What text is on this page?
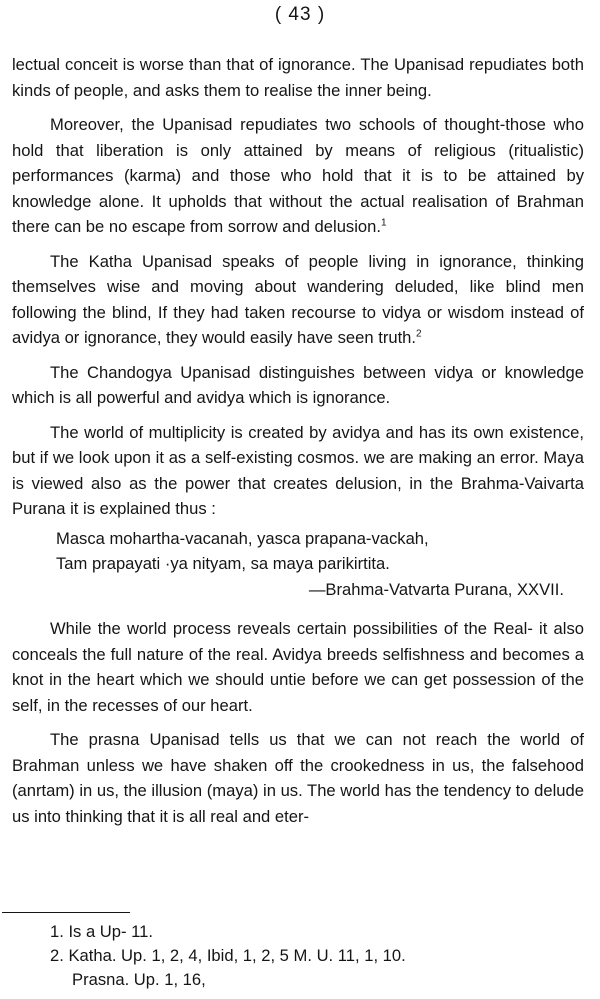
( 43 )

lectual conceit is worse than that of ignorance. The Upanisad repudiates both kinds of people, and asks them to realise the inner being.

Moreover, the Upanisad repudiates two schools of thought-those who hold that liberation is only attained by means of religious (ritualistic) performances (karma) and those who hold that it is to be attained by knowledge alone. It upholds that without the actual realisation of Brahman there can be no escape from sorrow and delusion.$^1$

The Katha Upanisad speaks of people living in ignorance, thinking themselves wise and moving about wandering deluded, like blind men following the blind, If they had taken recourse to vidya or wisdom instead of avidya or ignorance, they would easily have seen truth.$^2$

The Chandogya Upanisad distinguishes between vidya or knowledge which is all powerful and avidya which is ignorance.

The world of multiplicity is created by avidya and has its own existence, but if we look upon it as a self-existing cosmos. we are making an error. Maya is viewed also as the power that creates delusion, in the Brahma-Vaivarta Purana it is explained thus :

Masca mohartha-vacanah, yasca prapana-vackah,
Tam prapayati ·ya nityam, sa maya parikirtita.
—Brahma-Vatvarta Purana, XXVII.

While the world process reveals certain possibilities of the Real- it also conceals the full nature of the real. Avidya breeds selfishness and becomes a knot in the heart which we should untie before we can get possession of the self, in the recesses of our heart.

The prasna Upanisad tells us that we can not reach the world of Brahman unless we have shaken off the crookedness in us, the falsehood (anrtam) in us, the illusion (maya) in us. The world has the tendency to delude us into thinking that it is all real and eter-

1. Is a Up- 11.
2. Katha. Up. 1, 2, 4, Ibid, 1, 2, 5 M. U. 11, 1, 10.
Prasna. Up. 1, 16,
